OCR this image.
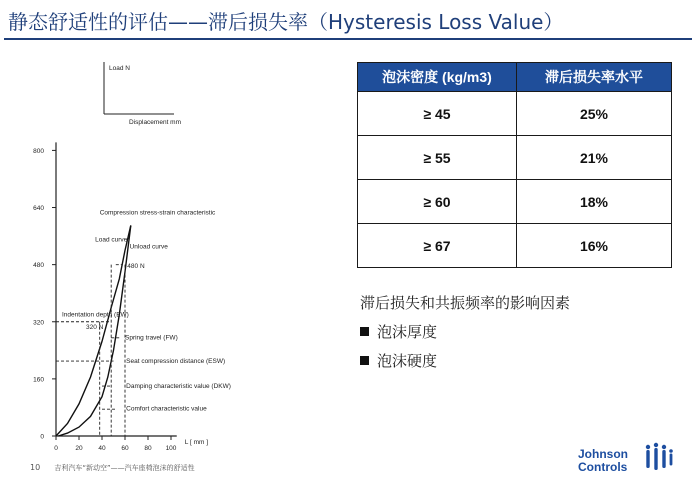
静态舒适性的评估——滞后损失率（Hysteresis Loss Value）
0
160
320
480
640
800
0	20 40 60 80 100
L [ mm ]
Load N
Displacement mm
Compression stress-strain characteristic
Load curve
Unload curve
480 N
Indentation depth (EW)
320 N
Spring travel (FW)
Seat compression distance (ESW)
Damping characteristic value (DKW)
Comfort characteristic value
泡沫密度 (kg/m3)	滞后损失率水平
≥ 45	25%
≥ 55	21%
≥ 60	18%
≥ 67	16%
滞后损失和共振频率的影响因素
泡沫厚度
泡沫硬度
10 吉利汽车“新动空”——汽车座椅泡沫的舒适性
Johnson
Controls
